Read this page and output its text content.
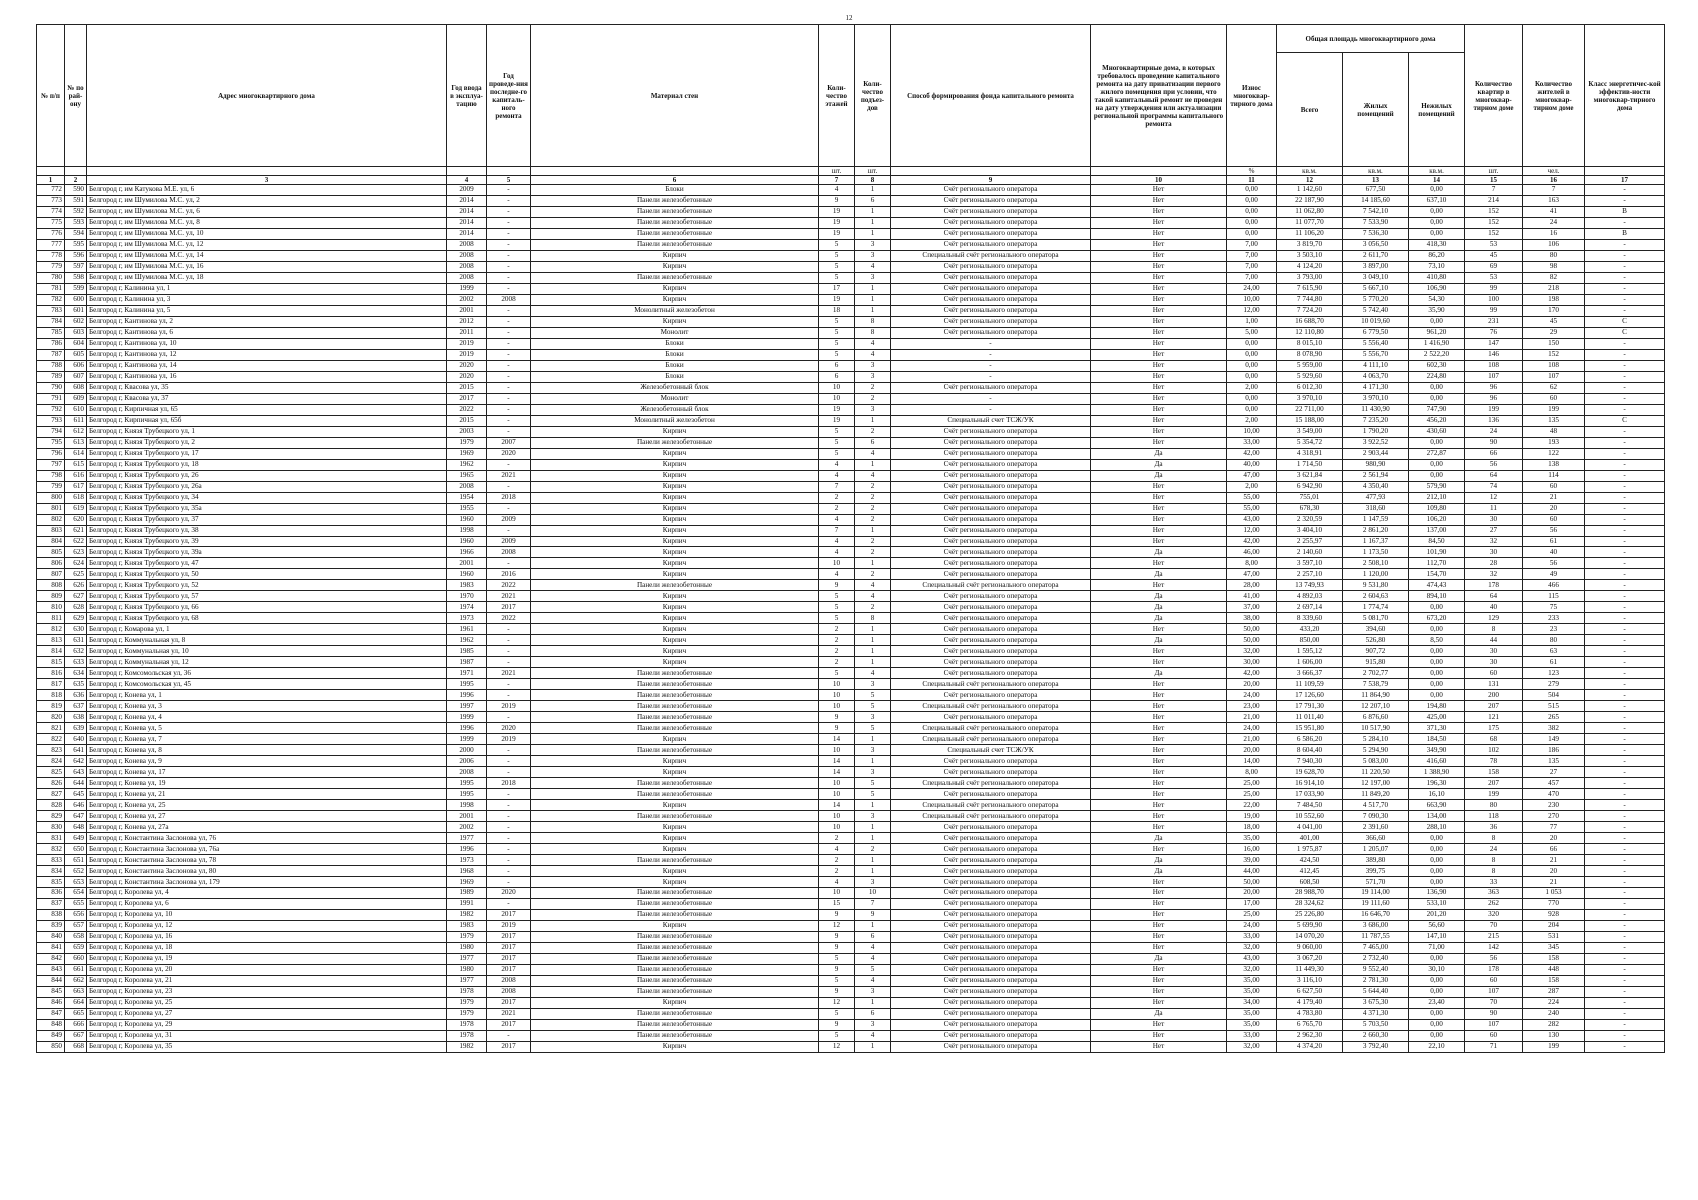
12
№ п/п	№ по рай-ону	Адрес многоквартирного дома	Год ввода в эксплуа-тацию	Год проведе-ния последне-го капиталь-ного ремонта	Материал стен	Коли-чество этажей	Коли-чество подъез-дов	Способ формирования фонда капитального ремонта	Многоквартирные дома, в которых требовалось проведение капитального ремонта на дату приватизации первого жилого помещения при условии, что такой капитальный ремонт не проведен на дату утверждения или актуализации региональной программы капитального ремонта	Износ многоквар-тирного дома	Общая площадь многоквартирного дома			Количество квартир в многоквар-тирном доме	Количество жителей в многоквар-тирном доме	Класс энергетичес-кой эффектив-ности многоквар-тирного дома
											Всего	Жилых помещений	Нежилых помещений			
						шт.	шт.			%	кв.м.	кв.м.	кв.м.	шт.	чел.	
1	2	3	4	5	6	7	8	9	10	11	12	13	14	15	16	17
772	590	Белгород г, им Катукова М.Е. ул, 6	2009	-	Блоки	4	1	Счёт регионального оператора	Нет	0,00	1 142,60	677,50	0,00	7	7	-
773	591	Белгород г, им Шумилова М.С. ул, 2	2014	-	Панели железобетонные	9	6	Счёт регионального оператора	Нет	0,00	22 187,90	14 185,60	637,10	214	163	-
774	592	Белгород г, им Шумилова М.С. ул, 6	2014	-	Панели железобетонные	19	1	Счёт регионального оператора	Нет	0,00	11 062,80	7 542,10	0,00	152	41	B
775	593	Белгород г, им Шумилова М.С. ул, 8	2014	-	Панели железобетонные	19	1	Счёт регионального оператора	Нет	0,00	11 077,70	7 533,90	0,00	152	24	-
776	594	Белгород г, им Шумилова М.С. ул, 10	2014	-	Панели железобетонные	19	1	Счёт регионального оператора	Нет	0,00	11 106,20	7 536,30	0,00	152	16	B
777	595	Белгород г, им Шумилова М.С. ул, 12	2008	-	Панели железобетонные	5	3	Счёт регионального оператора	Нет	7,00	3 819,70	3 056,50	418,30	53	106	-
778	596	Белгород г, им Шумилова М.С. ул, 14	2008	-	Кирпич	5	3	Специальный счёт регионального оператора	Нет	7,00	3 503,10	2 611,70	86,20	45	80	-
779	597	Белгород г, им Шумилова М.С. ул, 16	2008	-	Кирпич	5	4	Счёт регионального оператора	Нет	7,00	4 124,20	3 897,00	73,10	69	98	-
780	598	Белгород г, им Шумилова М.С. ул, 18	2008	-	Панели железобетонные	5	3	Счёт регионального оператора	Нет	7,00	3 793,00	3 049,10	410,80	53	82	-
781	599	Белгород г, Калинина ул, 1	1999	-	Кирпич	17	1	Счёт регионального оператора	Нет	24,00	7 615,90	5 667,10	106,90	99	218	-
782	600	Белгород г, Калинина ул, 3	2002	2008	Кирпич	19	1	Счёт регионального оператора	Нет	10,00	7 744,80	5 770,20	54,30	100	198	-
783	601	Белгород г, Калинина ул, 5	2001	-	Монолитный железобетон	18	1	Счёт регионального оператора	Нет	12,00	7 724,20	5 742,40	35,90	99	170	-
784	602	Белгород г, Кантинова ул, 2	2012	-	Кирпич	5	8	Счёт регионального оператора	Нет	1,00	16 688,70	10 019,60	0,00	231	45	C
785	603	Белгород г, Кантинова ул, 6	2011	-	Монолит	5	8	Счёт регионального оператора	Нет	5,00	12 110,80	6 779,50	961,20	76	29	C
786	604	Белгород г, Кантинова ул, 10	2019	-	Блоки	5	4	-	Нет	0,00	8 015,10	5 556,40	1 416,90	147	150	-
787	605	Белгород г, Кантинова ул, 12	2019	-	Блоки	5	4	-	Нет	0,00	8 078,90	5 556,70	2 522,20	146	152	-
788	606	Белгород г, Кантинова ул, 14	2020	-	Блоки	6	3	-	Нет	0,00	5 959,00	4 111,10	602,30	108	108	-
789	607	Белгород г, Кантинова ул, 16	2020	-	Блоки	6	3	-	Нет	0,00	5 929,60	4 063,70	224,80	107	107	-
790	608	Белгород г, Квасова ул, 35	2015	-	Железобетонный блок	10	2	Счёт регионального оператора	Нет	2,00	6 012,30	4 171,30	0,00	96	62	-
791	609	Белгород г, Квасова ул, 37	2017	-	Монолит	10	2	-	Нет	0,00	3 970,10	3 970,10	0,00	96	60	-
792	610	Белгород г, Кирпичная ул, 65	2022	-	Железобетонный блок	19	3	-	Нет	0,00	22 711,00	11 430,90	747,90	199	199	-
793	611	Белгород г, Кирпичная ул, 65б	2015	-	Монолитный железобетон	19	1	Специальный счет ТСЖ/УК	Нет	2,00	15 188,00	7 235,20	456,20	136	135	C
794	612	Белгород г, Князя Трубецкого ул, 1	2003	-	Кирпич	5	2	Счёт регионального оператора	Нет	10,00	3 549,00	1 790,20	430,60	24	48	-
795	613	Белгород г, Князя Трубецкого ул, 2	1979	2007	Панели железобетонные	5	6	Счёт регионального оператора	Нет	33,00	5 354,72	3 922,52	0,00	90	193	-
796	614	Белгород г, Князя Трубецкого ул, 17	1969	2020	Кирпич	5	4	Счёт регионального оператора	Да	42,00	4 318,91	2 903,44	272,87	66	122	-
797	615	Белгород г, Князя Трубецкого ул, 18	1962	-	Кирпич	4	1	Счёт регионального оператора	Да	40,00	1 714,50	980,90	0,00	56	138	-
798	616	Белгород г, Князя Трубецкого ул, 26	1965	2021	Кирпич	4	4	Счёт регионального оператора	Да	47,00	3 621,84	2 561,94	0,00	64	114	-
799	617	Белгород г, Князя Трубецкого ул, 26а	2008	-	Кирпич	7	2	Счёт регионального оператора	Нет	2,00	6 942,90	4 350,40	579,90	74	60	-
800	618	Белгород г, Князя Трубецкого ул, 34	1954	2018	Кирпич	2	2	Счёт регионального оператора	Нет	55,00	755,01	477,93	212,10	12	21	-
801	619	Белгород г, Князя Трубецкого ул, 35а	1955	-	Кирпич	2	2	Счёт регионального оператора	Нет	55,00	678,30	318,60	109,80	11	20	-
802	620	Белгород г, Князя Трубецкого ул, 37	1960	2009	Кирпич	4	2	Счёт регионального оператора	Нет	43,00	2 320,59	1 147,59	106,20	30	60	-
803	621	Белгород г, Князя Трубецкого ул, 38	1998	-	Кирпич	7	1	Счёт регионального оператора	Нет	12,00	3 404,10	2 861,20	137,00	27	56	-
804	622	Белгород г, Князя Трубецкого ул, 39	1960	2009	Кирпич	4	2	Счёт регионального оператора	Нет	42,00	2 255,97	1 167,37	84,50	32	61	-
805	623	Белгород г, Князя Трубецкого ул, 39а	1966	2008	Кирпич	4	2	Счёт регионального оператора	Да	46,00	2 140,60	1 173,50	101,90	30	40	-
806	624	Белгород г, Князя Трубецкого ул, 47	2001	-	Кирпич	10	1	Счёт регионального оператора	Нет	8,00	3 597,10	2 508,10	112,70	28	56	-
807	625	Белгород г, Князя Трубецкого ул, 50	1960	2016	Кирпич	4	2	Счёт регионального оператора	Да	47,00	2 257,10	1 120,00	154,70	32	49	-
808	626	Белгород г, Князя Трубецкого ул, 52	1983	2022	Панели железобетонные	9	4	Специальный счёт регионального оператора	Нет	28,00	13 749,93	9 531,80	474,43	178	466	-
809	627	Белгород г, Князя Трубецкого ул, 57	1970	2021	Кирпич	5	4	Счёт регионального оператора	Да	41,00	4 892,03	2 604,63	894,10	64	115	-
810	628	Белгород г, Князя Трубецкого ул, 66	1974	2017	Кирпич	5	2	Счёт регионального оператора	Да	37,00	2 697,14	1 774,74	0,00	40	75	-
811	629	Белгород г, Князя Трубецкого ул, 68	1973	2022	Кирпич	5	8	Счёт регионального оператора	Да	38,00	8 339,60	5 081,70	673,20	129	233	-
812	630	Белгород г, Комарова ул, 1	1961	-	Кирпич	2	1	Счёт регионального оператора	Нет	50,00	433,20	394,60	0,00	8	23	-
813	631	Белгород г, Коммунальная ул, 8	1962	-	Кирпич	2	1	Счёт регионального оператора	Да	50,00	850,00	526,80	8,50	44	80	-
814	632	Белгород г, Коммунальная ул, 10	1985	-	Кирпич	2	1	Счёт регионального оператора	Нет	32,00	1 595,12	907,72	0,00	30	63	-
815	633	Белгород г, Коммунальная ул, 12	1987	-	Кирпич	2	1	Счёт регионального оператора	Нет	30,00	1 606,00	915,80	0,00	30	61	-
816	634	Белгород г, Комсомольская ул, 36	1971	2021	Панели железобетонные	5	4	Счёт регионального оператора	Да	42,00	3 666,37	2 702,77	0,00	60	123	-
817	635	Белгород г, Комсомольская ул, 45	1995	-	Панели железобетонные	10	3	Специальный счёт регионального оператора	Нет	20,00	11 109,59	7 538,79	0,00	131	279	-
818	636	Белгород г, Конева ул, 1	1996	-	Панели железобетонные	10	5	Счёт регионального оператора	Нет	24,00	17 126,60	11 864,90	0,00	200	504	-
819	637	Белгород г, Конева ул, 3	1997	2019	Панели железобетонные	10	5	Специальный счёт регионального оператора	Нет	23,00	17 791,30	12 207,10	194,80	207	515	-
820	638	Белгород г, Конева ул, 4	1999	-	Панели железобетонные	9	3	Счёт регионального оператора	Нет	21,00	11 011,40	6 876,60	425,00	121	265	-
821	639	Белгород г, Конева ул, 5	1996	2020	Панели железобетонные	9	5	Специальный счёт регионального оператора	Нет	24,00	15 951,80	10 517,90	371,30	175	382	-
822	640	Белгород г, Конева ул, 7	1999	2019	Кирпич	14	1	Специальный счёт регионального оператора	Нет	21,00	6 586,20	5 284,10	184,50	68	149	-
823	641	Белгород г, Конева ул, 8	2000	-	Панели железобетонные	10	3	Специальный счет ТСЖ/УК	Нет	20,00	8 604,40	5 294,90	349,90	102	186	-
824	642	Белгород г, Конева ул, 9	2006	-	Кирпич	14	1	Счёт регионального оператора	Нет	14,00	7 940,30	5 083,00	416,60	78	135	-
825	643	Белгород г, Конева ул, 17	2008	-	Кирпич	14	3	Счёт регионального оператора	Нет	8,00	19 628,70	11 220,50	1 388,90	158	27	-
826	644	Белгород г, Конева ул, 19	1995	2018	Панели железобетонные	10	5	Специальный счёт регионального оператора	Нет	25,00	16 914,10	12 197,00	196,30	207	457	-
827	645	Белгород г, Конева ул, 21	1995	-	Панели железобетонные	10	5	Счёт регионального оператора	Нет	25,00	17 033,90	11 849,20	16,10	199	470	-
828	646	Белгород г, Конева ул, 25	1998	-	Кирпич	14	1	Специальный счёт регионального оператора	Нет	22,00	7 484,50	4 517,70	663,90	80	230	-
829	647	Белгород г, Конева ул, 27	2001	-	Панели железобетонные	10	3	Специальный счёт регионального оператора	Нет	19,00	10 552,60	7 090,30	134,00	118	270	-
830	648	Белгород г, Конева ул, 27а	2002	-	Кирпич	10	1	Счёт регионального оператора	Нет	18,00	4 041,00	2 391,60	288,10	36	77	-
831	649	Белгород г, Константина Заслонова ул, 76	1977	-	Кирпич	2	1	Счёт регионального оператора	Да	35,00	401,00	366,60	0,00	8	20	-
832	650	Белгород г, Константина Заслонова ул, 76а	1996	-	Кирпич	4	2	Счёт регионального оператора	Нет	16,00	1 975,87	1 205,07	0,00	24	66	-
833	651	Белгород г, Константина Заслонова ул, 78	1973	-	Панели железобетонные	2	1	Счёт регионального оператора	Да	39,00	424,50	389,80	0,00	8	21	-
834	652	Белгород г, Константина Заслонова ул, 80	1968	-	Кирпич	2	1	Счёт регионального оператора	Да	44,00	412,45	399,75	0,00	8	20	-
835	653	Белгород г, Константина Заслонова ул, 179	1969	-	Кирпич	4	3	Счёт регионального оператора	Нет	50,00	608,50	571,70	0,00	33	21	-
836	654	Белгород г, Королева ул, 4	1989	2020	Панели железобетонные	10	10	Счёт регионального оператора	Нет	20,00	28 988,70	19 114,00	136,90	363	1 053	-
837	655	Белгород г, Королева ул, 6	1991	-	Панели железобетонные	15	7	Счёт регионального оператора	Нет	17,00	28 324,62	19 111,60	533,10	262	770	-
838	656	Белгород г, Королева ул, 10	1982	2017	Панели железобетонные	9	9	Счёт регионального оператора	Нет	25,00	25 226,80	16 646,70	201,20	320	928	-
839	657	Белгород г, Королева ул, 12	1983	2019	Кирпич	12	1	Счёт регионального оператора	Нет	24,00	5 699,90	3 686,00	56,60	70	204	-
840	658	Белгород г, Королева ул, 16	1979	2017	Панели железобетонные	9	6	Счёт регионального оператора	Нет	33,00	14 070,20	11 787,55	147,10	215	531	-
841	659	Белгород г, Королева ул, 18	1980	2017	Панели железобетонные	9	4	Счёт регионального оператора	Нет	32,00	9 060,00	7 465,00	71,00	142	345	-
842	660	Белгород г, Королева ул, 19	1977	2017	Панели железобетонные	5	4	Счёт регионального оператора	Да	43,00	3 067,20	2 732,40	0,00	56	158	-
843	661	Белгород г, Королева ул, 20	1980	2017	Панели железобетонные	9	5	Счёт регионального оператора	Нет	32,00	11 449,30	9 552,40	30,10	178	448	-
844	662	Белгород г, Королева ул, 21	1977	2008	Панели железобетонные	5	4	Счёт регионального оператора	Нет	35,00	3 116,10	2 781,30	0,00	60	158	-
845	663	Белгород г, Королева ул, 23	1978	2008	Панели железобетонные	9	3	Счёт регионального оператора	Нет	35,00	6 627,50	5 644,40	0,00	107	287	-
846	664	Белгород г, Королева ул, 25	1979	2017	Кирпич	12	1	Счёт регионального оператора	Нет	34,00	4 179,40	3 675,30	23,40	70	224	-
847	665	Белгород г, Королева ул, 27	1979	2021	Панели железобетонные	5	6	Счёт регионального оператора	Да	35,00	4 783,80	4 371,30	0,00	90	240	-
848	666	Белгород г, Королева ул, 29	1978	2017	Панели железобетонные	9	3	Счёт регионального оператора	Нет	35,00	6 765,70	5 703,50	0,00	107	282	-
849	667	Белгород г, Королева ул, 31	1978	-	Панели железобетонные	5	4	Счёт регионального оператора	Нет	33,00	2 962,30	2 660,30	0,00	60	130	-
850	668	Белгород г, Королева ул, 35	1982	2017	Кирпич	12	1	Счёт регионального оператора	Нет	32,00	4 374,20	3 792,40	22,10	71	199	-
